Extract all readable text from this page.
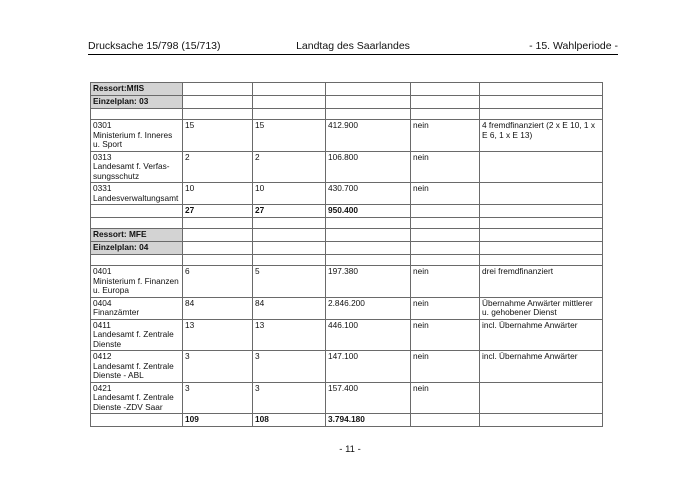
Drucksache 15/798 (15/713)	Landtag des Saarlandes	- 15. Wahlperiode -
Ressort:MfIS					
Einzelplan: 03					

0301
Ministerium f. Inneres
u. Sport	15	15	412.900	nein	4 fremdfinanziert (2 x E 10, 1 x
E 6, 1 x E 13)
0313
Landesamt f. Verfas-
sungsschutz	2	2	106.800	nein	
0331
Landesverwaltungsamt	10	10	430.700	nein	
	27	27	950.400		

Ressort: MFE					
Einzelplan: 04					

0401
Ministerium f. Finanzen
u. Europa	6	5	197.380	nein	drei fremdfinanziert
0404
Finanzämter	84	84	2.846.200	nein	Übernahme Anwärter mittlerer
u. gehobener Dienst
0411
Landesamt f. Zentrale
Dienste	13	13	446.100	nein	incl. Übernahme Anwärter
0412
Landesamt f. Zentrale
Dienste - ABL	3	3	147.100	nein	incl. Übernahme Anwärter
0421
Landesamt f. Zentrale
Dienste -ZDV Saar	3	3	157.400	nein	
	109	108	3.794.180		
- 11 -
